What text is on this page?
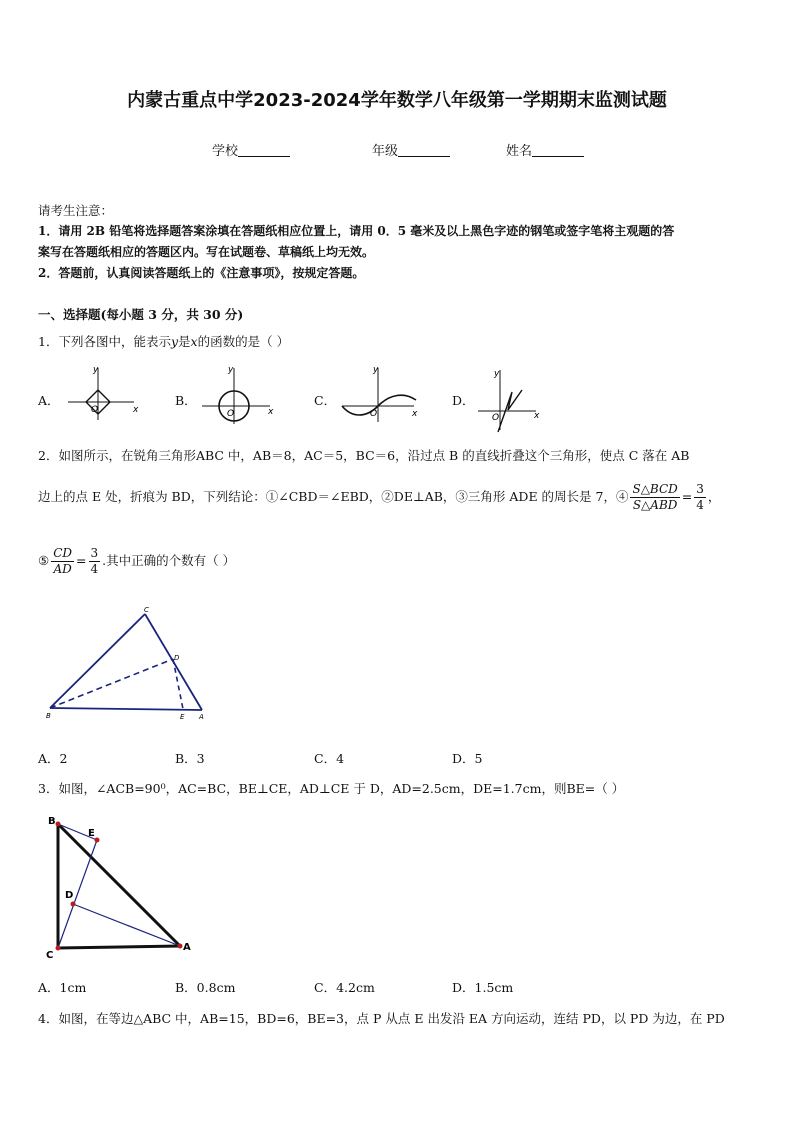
内蒙古重点中学2023-2024学年数学八年级第一学期期末监测试题
学校	年级	姓名
请考生注意：
1．请用 2B 铅笔将选择题答案涂填在答题纸相应位置上，请用 0．5 毫米及以上黑色字迹的钢笔或签字笔将主观题的答
案写在答题纸相应的答题区内。写在试题卷、草稿纸上均无效。
2．答题前，认真阅读答题纸上的《注意事项》，按规定答题。
一、选择题(每小题 3 分，共 30 分)
1．下列各图中，能表示y是x的函数的是（ ）
A．
y
x
O
B．
y
x
O
C．
y
x
O
D．
y
x
O
2．如图所示，在锐角三角形ABC 中，AB＝8，AC＝5，BC＝6，沿过点 B 的直线折叠这个三角形，使点 C 落在 AB
边上的点 E 处，折痕为 BD，下列结论：①∠CBD＝∠EBD，②DE⊥AB，③三角形 ADE 的周长是 7，④ $\frac{\text{S△BCD}}{\text{S△ABD}} = \frac{3}{4}$ ，
⑤ $\frac{CD}{AD} = \frac{3}{4}$ .其中正确的个数有（ ）
C
D
B	E A
A．2	B．3	C．4	D．5
3．如图，∠ACB=90⁰，AC=BC，BE⊥CE，AD⊥CE 于 D，AD=2.5cm，DE=1.7cm，则BE=（ ）
B
E
D
C
A
A．1cm	B．0.8cm	C．4.2cm	D．1.5cm
4．如图，在等边△ABC 中，AB=15，BD=6，BE=3，点 P 从点 E 出发沿 EA 方向运动，连结 PD，以 PD 为边，在 PD
